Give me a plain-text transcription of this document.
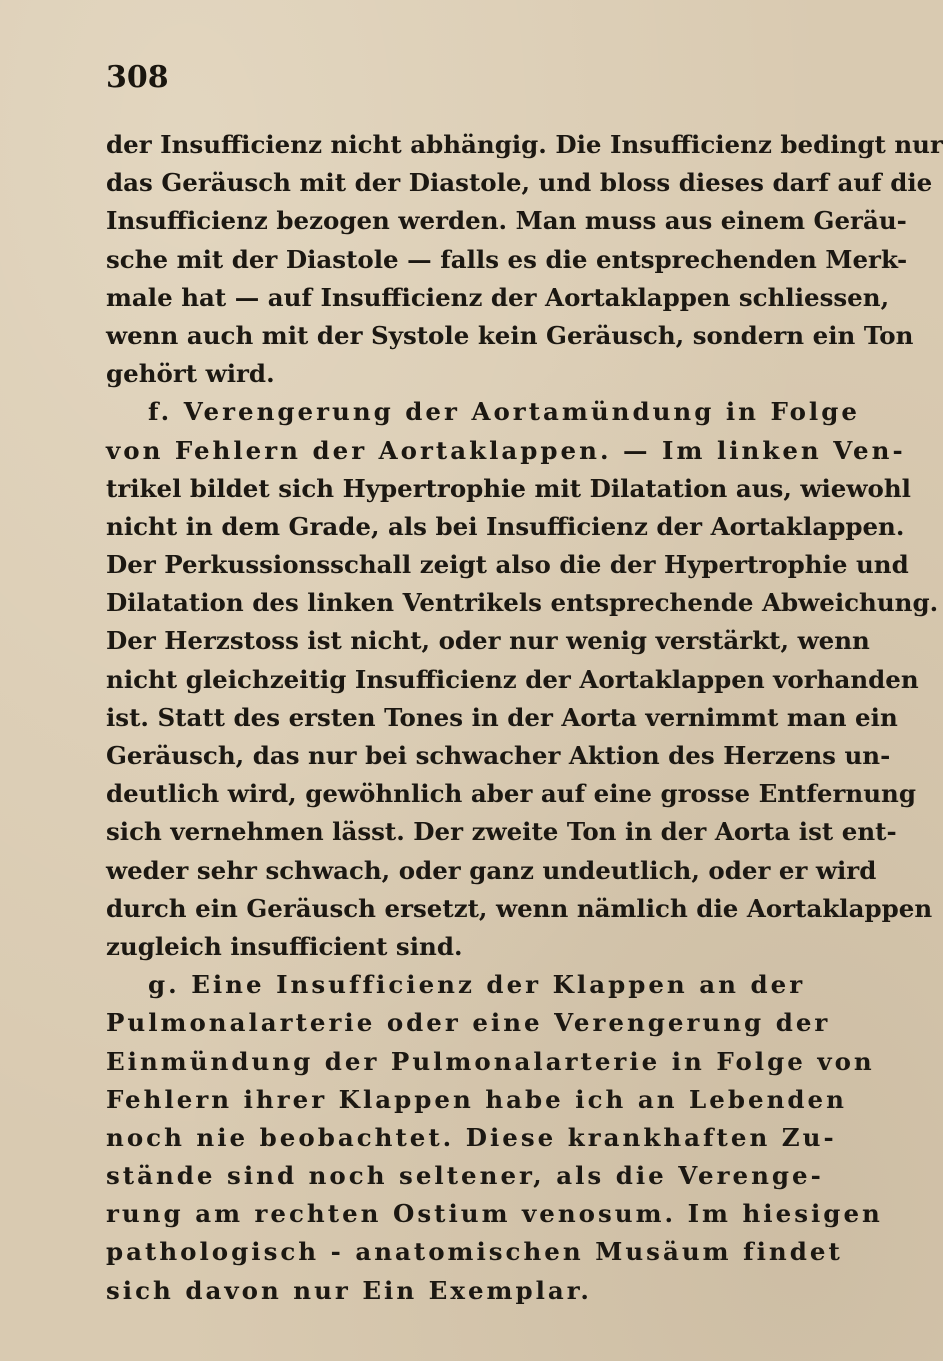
308
der Insufficienz nicht abhängig. Die Insufficienz bedingt nur
das Geräusch mit der Diastole, und bloss dieses darf auf die
Insufficienz bezogen werden. Man muss aus einem Geräu-
sche mit der Diastole — falls es die entsprechenden Merk-
male hat — auf Insufficienz der Aortaklappen schliessen,
wenn auch mit der Systole kein Geräusch, sondern ein Ton
gehört wird.
f. Verengerung der Aortamündung in Folge
von Fehlern der Aortaklappen. — Im linken Ven-
trikel bildet sich Hypertrophie mit Dilatation aus, wiewohl
nicht in dem Grade, als bei Insufficienz der Aortaklappen.
Der Perkussionsschall zeigt also die der Hypertrophie und
Dilatation des linken Ventrikels entsprechende Abweichung.
Der Herzstoss ist nicht, oder nur wenig verstärkt, wenn
nicht gleichzeitig Insufficienz der Aortaklappen vorhanden
ist. Statt des ersten Tones in der Aorta vernimmt man ein
Geräusch, das nur bei schwacher Aktion des Herzens un-
deutlich wird, gewöhnlich aber auf eine grosse Entfernung
sich vernehmen lässt. Der zweite Ton in der Aorta ist ent-
weder sehr schwach, oder ganz undeutlich, oder er wird
durch ein Geräusch ersetzt, wenn nämlich die Aortaklappen
zugleich insufficient sind.
g. Eine Insufficienz der Klappen an der
Pulmonalarterie oder eine Verengerung der
Einmündung der Pulmonalarterie in Folge von
Fehlern ihrer Klappen habe ich an Lebenden
noch nie beobachtet. Diese krankhaften Zu-
stände sind noch seltener, als die Verenge-
rung am rechten Ostium venosum. Im hiesigen
pathologisch - anatomischen Musäum findet
sich davon nur Ein Exemplar.
